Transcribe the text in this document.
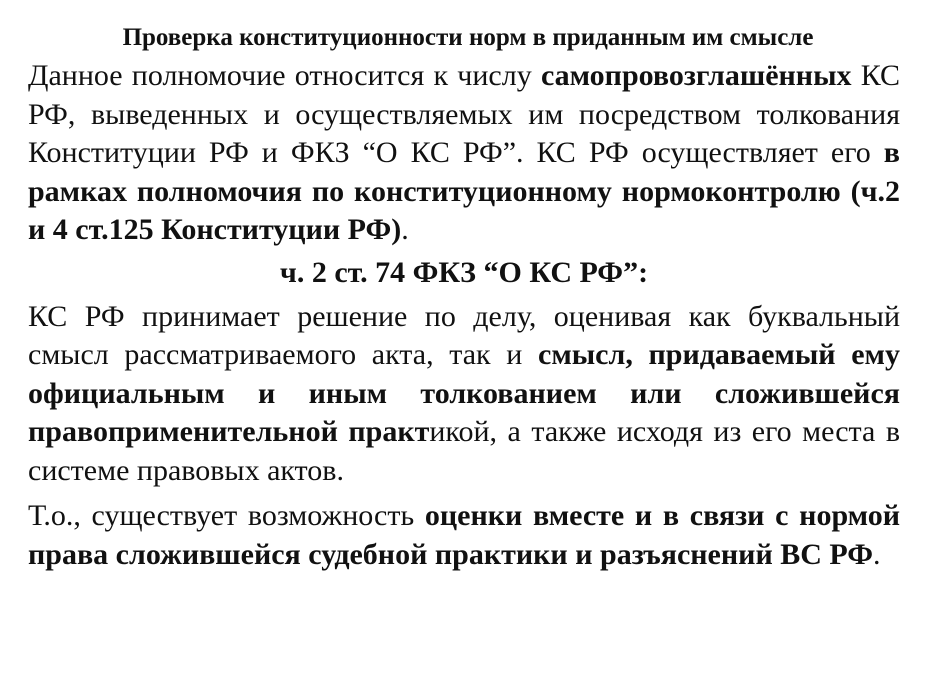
Проверка конституционности норм в приданным им смысле

Данное полномочие относится к числу самопровозглашённых КС РФ, выведенных и осуществляемых им посредством толкования Конституции РФ и ФКЗ “О КС РФ”. КС РФ осуществляет его в рамках полномочия по конституционному нормоконтролю (ч.2 и 4 ст.125 Конституции РФ).

ч. 2 ст. 74 ФКЗ “О КС РФ”:

КС РФ принимает решение по делу, оценивая как буквальный смысл рассматриваемого акта, так и смысл, придаваемый ему официальным и иным толкованием или сложившейся правоприменительной практикой, а также исходя из его места в системе правовых актов.

Т.о., существует возможность оценки вместе и в связи с нормой права сложившейся судебной практики и разъяснений ВС РФ.
